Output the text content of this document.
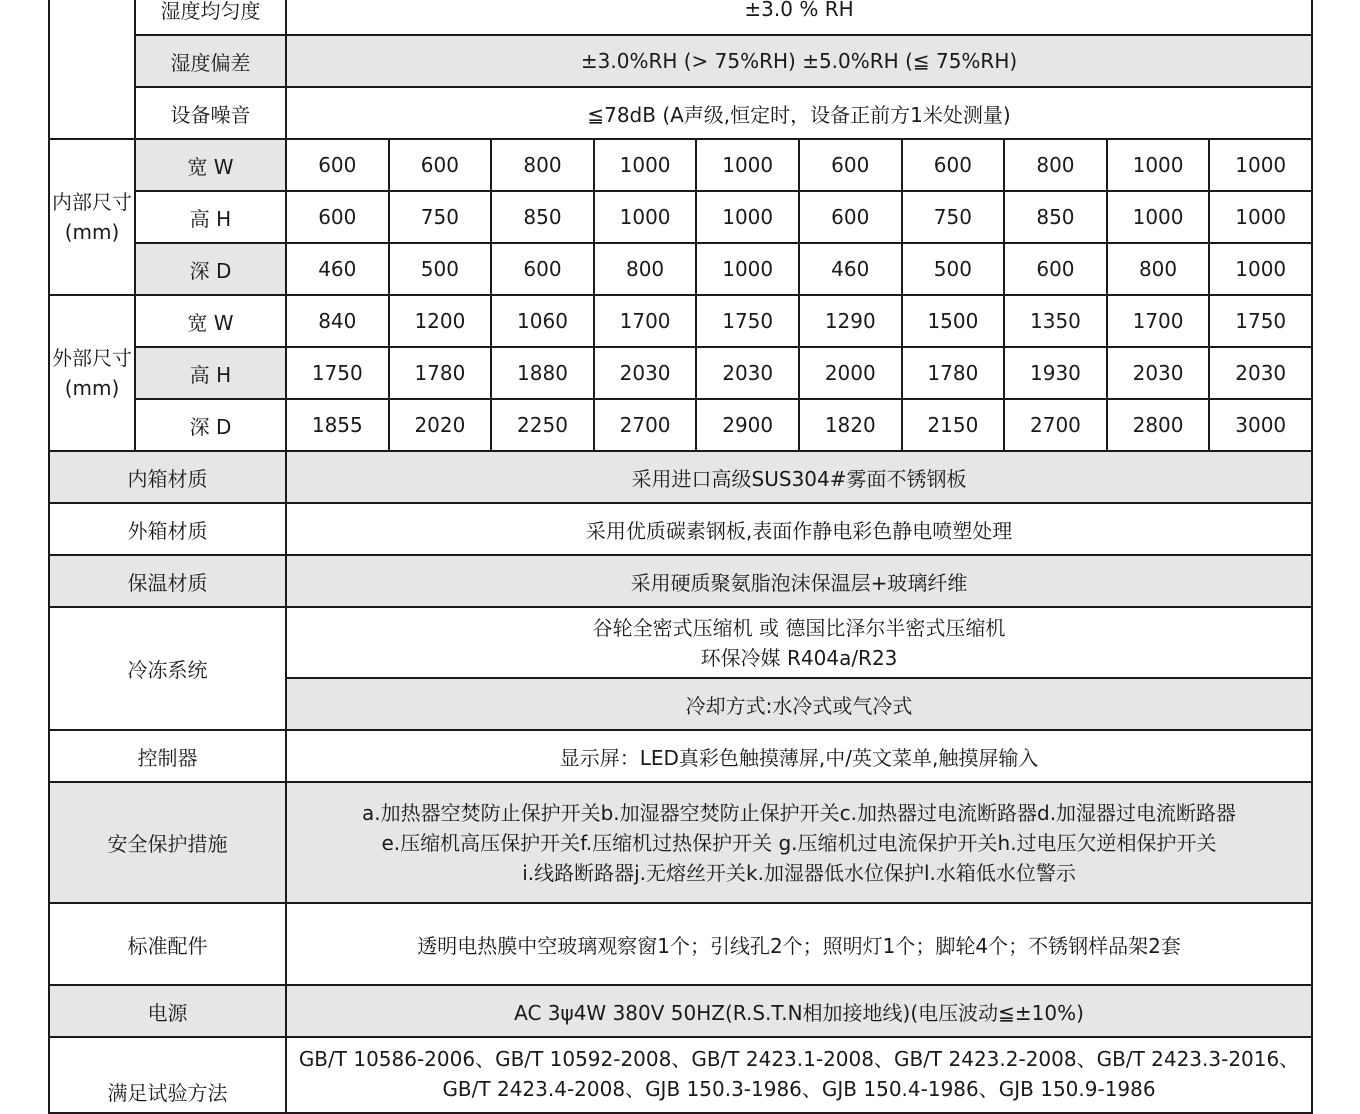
	湿度均匀度	±3.0 % RH									
	湿度偏差	±3.0%RH (> 75%RH) ±5.0%RH (≦ 75%RH)									
	设备噪音	≦78dB (A声级,恒定时，设备正前方1米处测量)									
内部尺寸(mm)	宽 W	600	600	800	1000	1000	600	600	800	1000	1000
	高 H	600	750	850	1000	1000	600	750	850	1000	1000
	深 D	460	500	600	800	1000	460	500	600	800	1000
外部尺寸(mm)	宽 W	840	1200	1060	1700	1750	1290	1500	1350	1700	1750
	高 H	1750	1780	1880	2030	2030	2000	1780	1930	2030	2030
	深 D	1855	2020	2250	2700	2900	1820	2150	2700	2800	3000
内箱材质		采用进口高级SUS304#雾面不锈钢板									
外箱材质		采用优质碳素钢板,表面作静电彩色静电喷塑处理									
保温材质		采用硬质聚氨脂泡沫保温层+玻璃纤维									
冷冻系统		谷轮全密式压缩机 或 德国比泽尔半密式压缩机
环保冷媒 R404a/R23									

		冷却方式:水冷式或气冷式									
控制器		显示屏：LED真彩色触摸薄屏,中/英文菜单,触摸屏输入									
安全保护措施		a.加热器空焚防止保护开关b.加湿器空焚防止保护开关c.加热器过电流断路器d.加湿器过电流断路器
e.压缩机高压保护开关f.压缩机过热保护开关 g.压缩机过电流保护开关h.过电压欠逆相保护开关
i.线路断路器j.无熔丝开关k.加湿器低水位保护l.水箱低水位警示									

标准配件		透明电热膜中空玻璃观察窗1个；引线孔2个；照明灯1个；脚轮4个；不锈钢样品架2套									
电源		AC 3ψ4W 380V 50HZ(R.S.T.N相加接地线)(电压波动≦±10%)									

满足试验方法		GB/T 10586-2006、GB/T 10592-2008、GB/T 2423.1-2008、GB/T 2423.2-2008、GB/T 2423.3-2016、
GB/T 2423.4-2008、GJB 150.3-1986、GJB 150.4-1986、GJB 150.9-1986									
